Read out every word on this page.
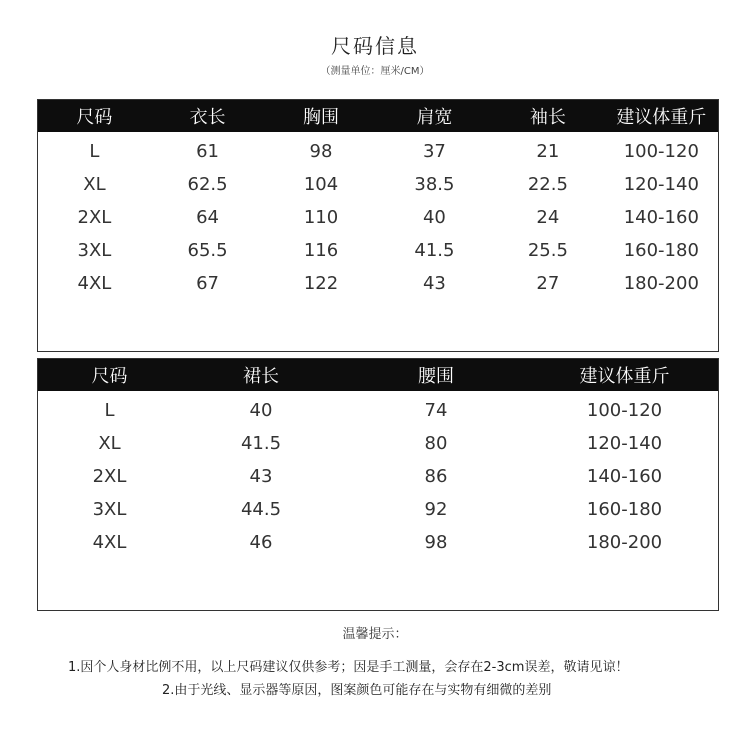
尺码信息
（测量单位：厘米/CM）
尺码	衣长	胸围	肩宽	袖长	建议体重斤
L	61	98	37	21	100-120
XL	62.5	104	38.5	22.5	120-140
2XL	64	110	40	24	140-160
3XL	65.5	116	41.5	25.5	160-180
4XL	67	122	43	27	180-200
尺码	裙长	腰围	建议体重斤
L	40	74	100-120
XL	41.5	80	120-140
2XL	43	86	140-160
3XL	44.5	92	160-180
4XL	46	98	180-200
温馨提示：
1.因个人身材比例不用，以上尺码建议仅供参考；因是手工测量，会存在2-3cm误差，敬请见谅！
2.由于光线、显示器等原因，图案颜色可能存在与实物有细微的差别
